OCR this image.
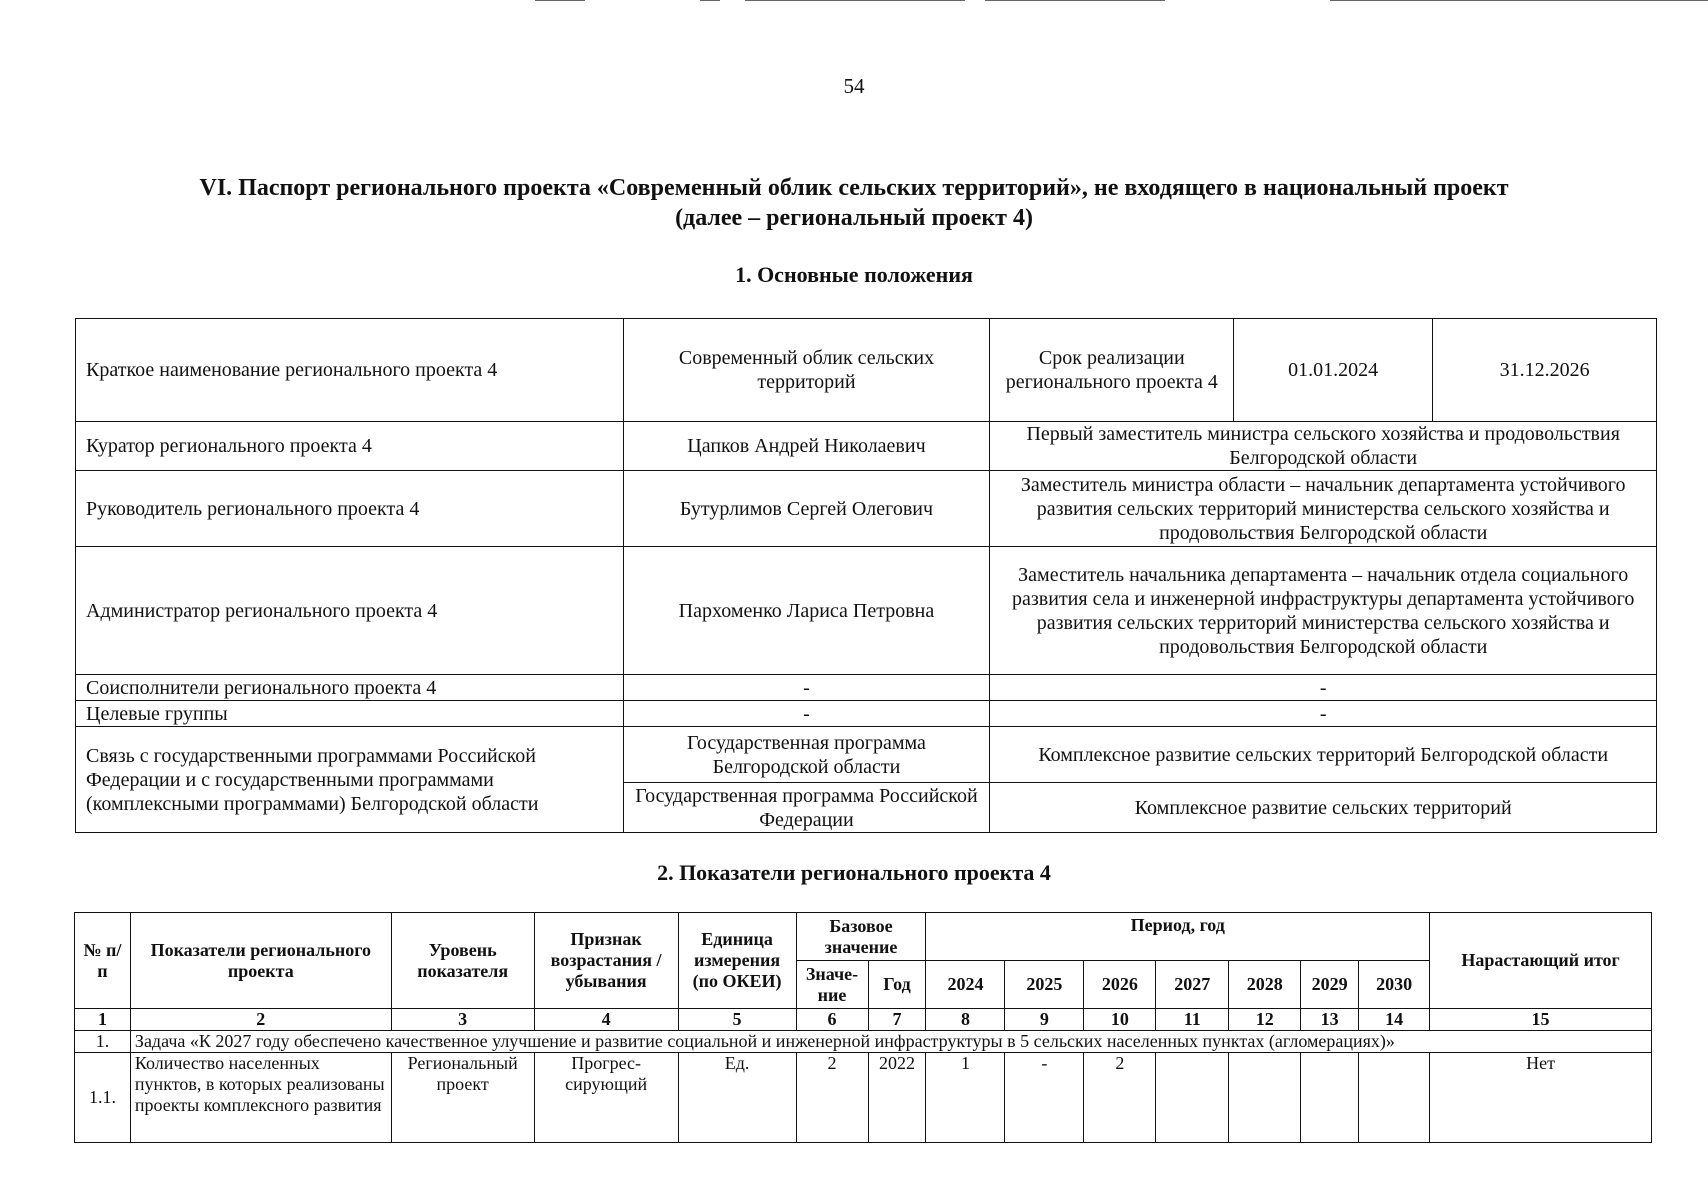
54
VI. Паспорт регионального проекта «Современный облик сельских территорий», не входящего в национальный проект
(далее – региональный проект 4)
1. Основные положения
Краткое наименование регионального проекта 4	Современный облик сельских территорий	Срок реализации регионального проекта 4	01.01.2024	31.12.2026
Куратор регионального проекта 4	Цапков Андрей Николаевич	Первый заместитель министра сельского хозяйства и продовольствия Белгородской области		
Руководитель регионального проекта 4	Бутурлимов Сергей Олегович	Заместитель министра области – начальник департамента устойчивого развития сельских территорий министерства сельского хозяйства и продовольствия Белгородской области		
Администратор регионального проекта 4	Пархоменко Лариса Петровна	Заместитель начальника департамента – начальник отдела социального развития села и инженерной инфраструктуры департамента устойчивого развития сельских территорий министерства сельского хозяйства и продовольствия Белгородской области		
Соисполнители регионального проекта 4	-	-		
Целевые группы	-	-		
Связь с государственными программами Российской Федерации и с государственными программами (комплексными программами) Белгородской области	Государственная программа Белгородской области	Комплексное развитие сельских территорий Белгородской области		
	Государственная программа Российской Федерации	Комплексное развитие сельских территорий		
2. Показатели регионального проекта 4
№ п/п	Показатели регионального проекта	Уровень показателя	Признак возрастания / убывания	Единица измерения (по ОКЕИ)	Базовое значение		Период, год							Нарастающий итог
					Значе-ние	Год	2024	2025	2026	2027	2028	2029	2030	
1	2	3	4	5	6	7	8	9	10	11	12	13	14	15
1.	Задача «К 2027 году обеспечено качественное улучшение и развитие социальной и инженерной инфраструктуры в 5 сельских населенных пунктах (агломерациях)»													
1.1.	Количество населенных пунктов, в которых реализованы проекты комплексного развития	Региональный проект	Прогрес-сирующий	Ед.	2	2022	1	-	2					Нет
